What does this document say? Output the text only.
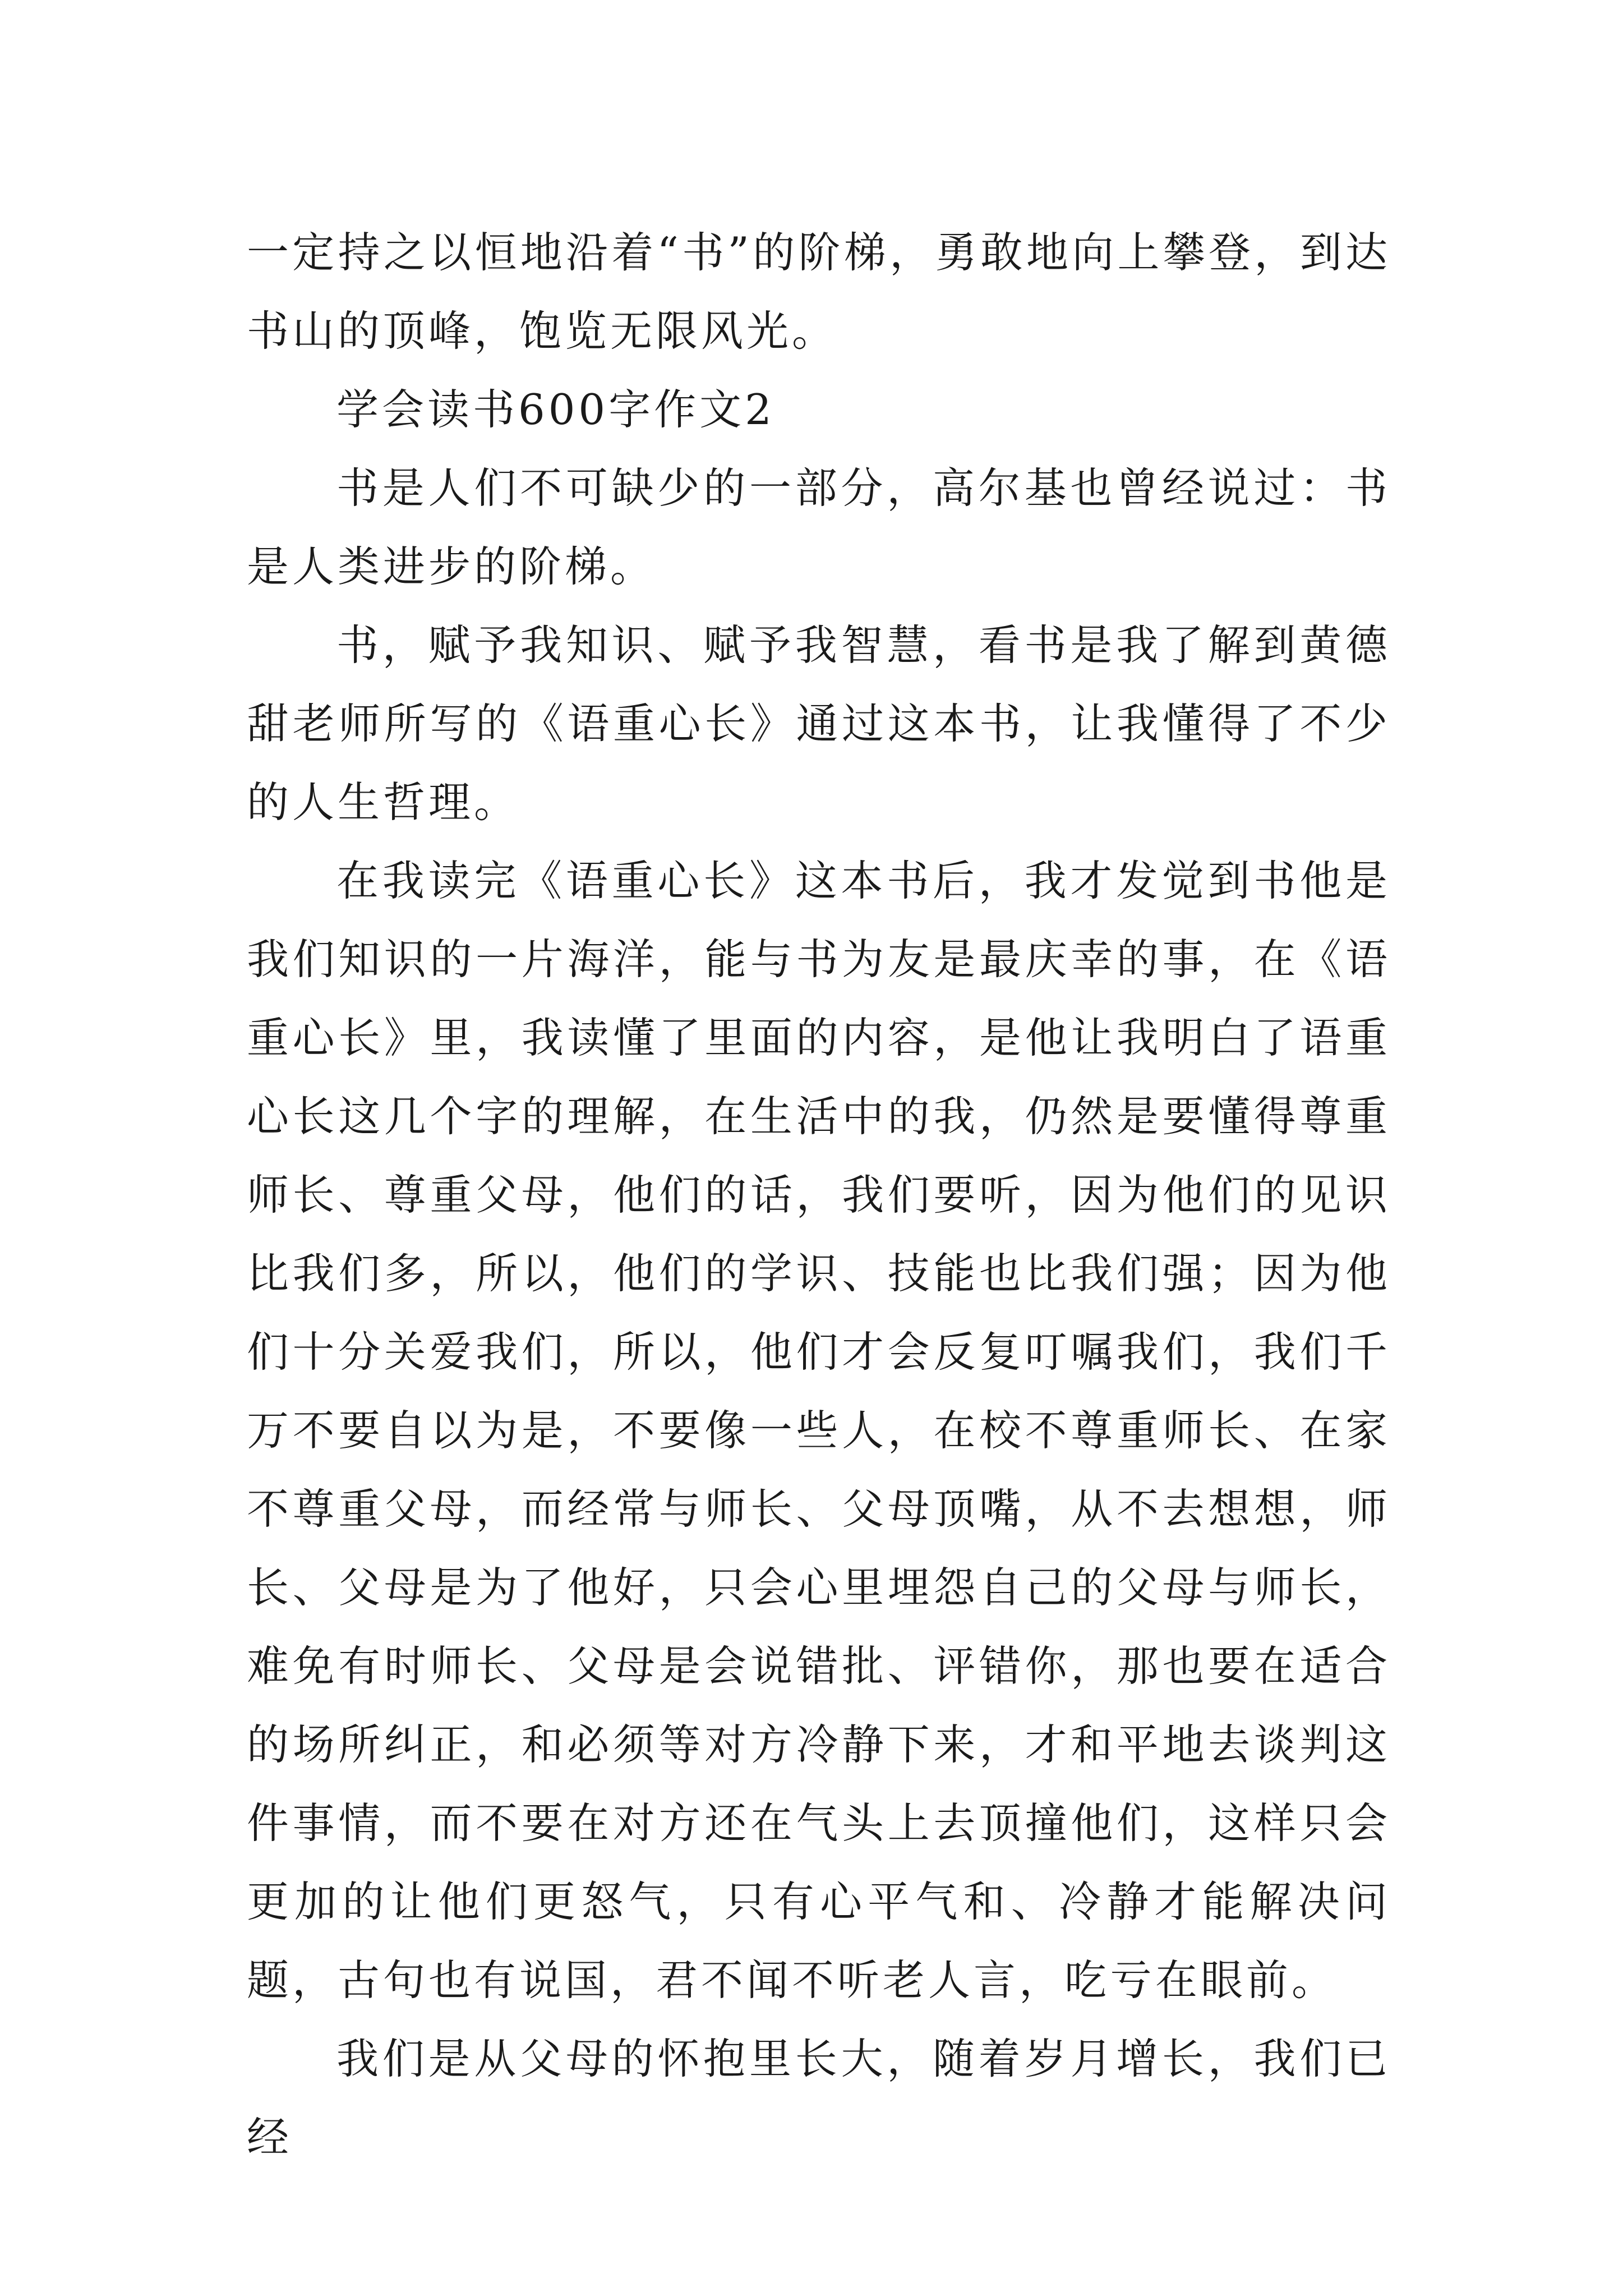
一定持之以恒地沿着“书”的阶梯，勇敢地向上攀登，到达书山的顶峰，饱览无限风光。

学会读书600字作文2

书是人们不可缺少的一部分，高尔基也曾经说过：书是人类进步的阶梯。

书，赋予我知识、赋予我智慧，看书是我了解到黄德甜老师所写的《语重心长》通过这本书，让我懂得了不少的人生哲理。

在我读完《语重心长》这本书后，我才发觉到书他是我们知识的一片海洋，能与书为友是最庆幸的事，在《语重心长》里，我读懂了里面的内容，是他让我明白了语重心长这几个字的理解，在生活中的我，仍然是要懂得尊重师长、尊重父母，他们的话，我们要听，因为他们的见识比我们多，所以，他们的学识、技能也比我们强；因为他们十分关爱我们，所以，他们才会反复叮嘱我们，我们千万不要自以为是，不要像一些人，在校不尊重师长、在家不尊重父母，而经常与师长、父母顶嘴，从不去想想，师长、父母是为了他好，只会心里埋怨自己的父母与师长，难免有时师长、父母是会说错批、评错你，那也要在适合的场所纠正，和必须等对方冷静下来，才和平地去谈判这件事情，而不要在对方还在气头上去顶撞他们，这样只会更加的让他们更怒气，只有心平气和、冷静才能解决问题，古句也有说国，君不闻不听老人言，吃亏在眼前。

我们是从父母的怀抱里长大，随着岁月增长，我们已经
